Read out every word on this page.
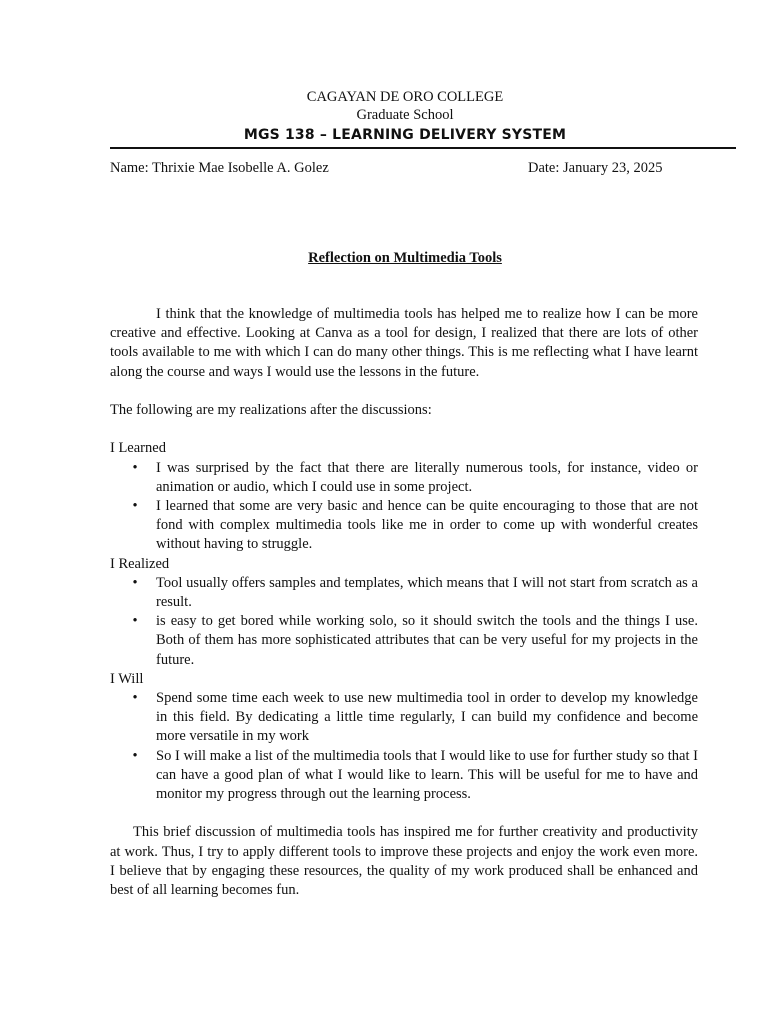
CAGAYAN DE ORO COLLEGE
Graduate School
MGS 138 – LEARNING DELIVERY SYSTEM
Name: Thrixie Mae Isobelle A. Golez	Date: January 23, 2025
Reflection on Multimedia Tools

I think that the knowledge of multimedia tools has helped me to realize how I can be more creative and effective. Looking at Canva as a tool for design, I realized that there are lots of other tools available to me with which I can do many other things. This is me reflecting what I have learnt along the course and ways I would use the lessons in the future.

The following are my realizations after the discussions:

I Learned

• I was surprised by the fact that there are literally numerous tools, for instance, video or animation or audio, which I could use in some project.
• I learned that some are very basic and hence can be quite encouraging to those that are not fond with complex multimedia tools like me in order to come up with wonderful creates without having to struggle.

I Realized

• Tool usually offers samples and templates, which means that I will not start from scratch as a result.
• is easy to get bored while working solo, so it should switch the tools and the things I use. Both of them has more sophisticated attributes that can be very useful for my projects in the future.

I Will

• Spend some time each week to use new multimedia tool in order to develop my knowledge in this field. By dedicating a little time regularly, I can build my confidence and become more versatile in my work
• So I will make a list of the multimedia tools that I would like to use for further study so that I can have a good plan of what I would like to learn. This will be useful for me to have and monitor my progress through out the learning process.

This brief discussion of multimedia tools has inspired me for further creativity and productivity at work. Thus, I try to apply different tools to improve these projects and enjoy the work even more. I believe that by engaging these resources, the quality of my work produced shall be enhanced and best of all learning becomes fun.
